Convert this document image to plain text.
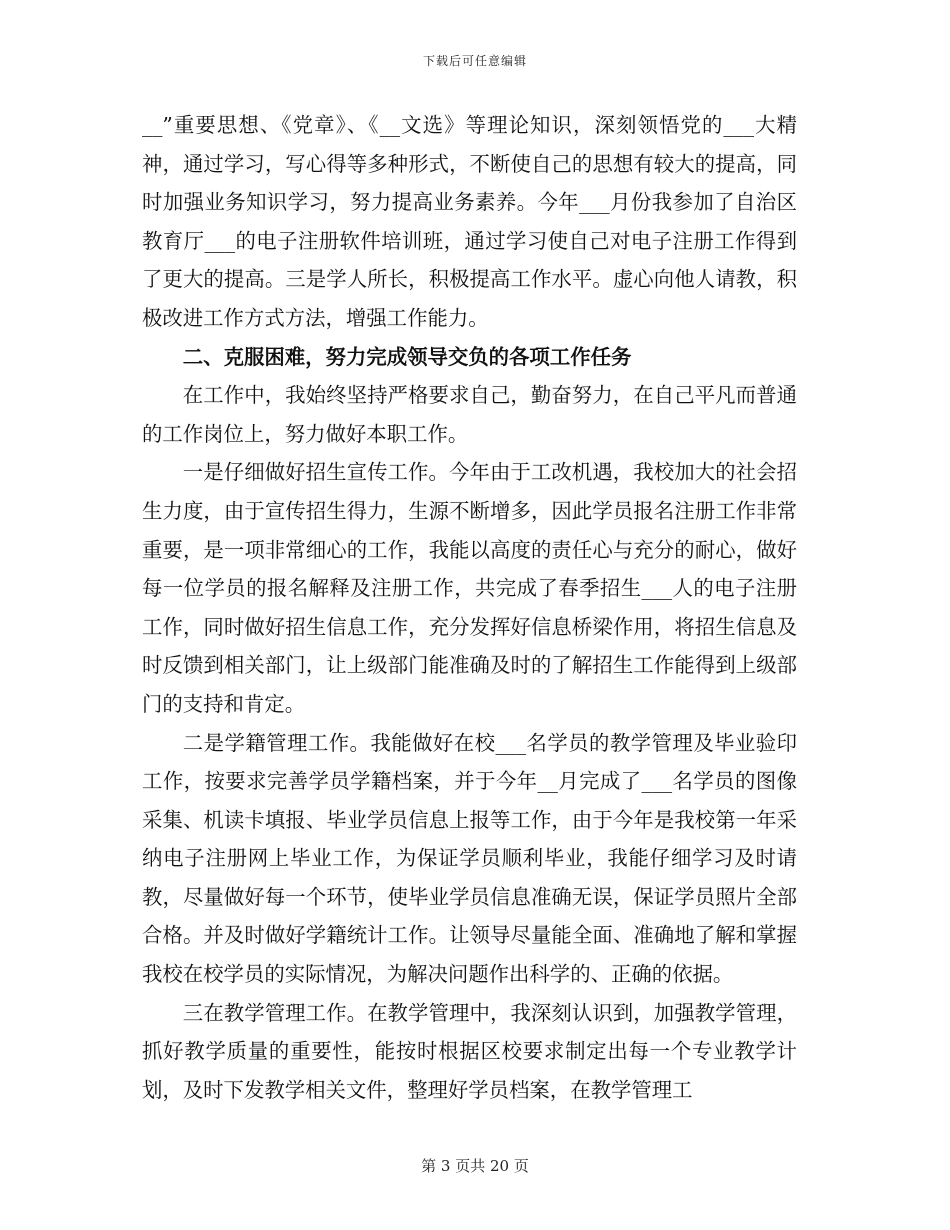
下载后可任意编辑

__”重要思想、《党章》、《__文选》等理论知识，深刻领悟党的___大精神，通过学习，写心得等多种形式，不断使自己的思想有较大的提高，同时加强业务知识学习，努力提高业务素养。今年___月份我参加了自治区教育厅___的电子注册软件培训班，通过学习使自己对电子注册工作得到了更大的提高。三是学人所长，积极提高工作水平。虚心向他人请教，积极改进工作方式方法，增强工作能力。

二、克服困难，努力完成领导交负的各项工作任务

在工作中，我始终坚持严格要求自己，勤奋努力，在自己平凡而普通的工作岗位上，努力做好本职工作。

一是仔细做好招生宣传工作。今年由于工改机遇，我校加大的社会招生力度，由于宣传招生得力，生源不断增多，因此学员报名注册工作非常重要，是一项非常细心的工作，我能以高度的责任心与充分的耐心，做好每一位学员的报名解释及注册工作，共完成了春季招生___人的电子注册工作，同时做好招生信息工作，充分发挥好信息桥梁作用，将招生信息及时反馈到相关部门，让上级部门能准确及时的了解招生工作能得到上级部门的支持和肯定。

二是学籍管理工作。我能做好在校___名学员的教学管理及毕业验印工作，按要求完善学员学籍档案，并于今年__月完成了___名学员的图像采集、机读卡填报、毕业学员信息上报等工作，由于今年是我校第一年采纳电子注册网上毕业工作，为保证学员顺利毕业，我能仔细学习及时请教，尽量做好每一个环节，使毕业学员信息准确无误，保证学员照片全部合格。并及时做好学籍统计工作。让领导尽量能全面、准确地了解和掌握我校在校学员的实际情况，为解决问题作出科学的、正确的依据。

三在教学管理工作。在教学管理中，我深刻认识到，加强教学管理，抓好教学质量的重要性，能按时根据区校要求制定出每一个专业教学计划，及时下发教学相关文件，整理好学员档案，在教学管理工

第 3 页共 20 页
